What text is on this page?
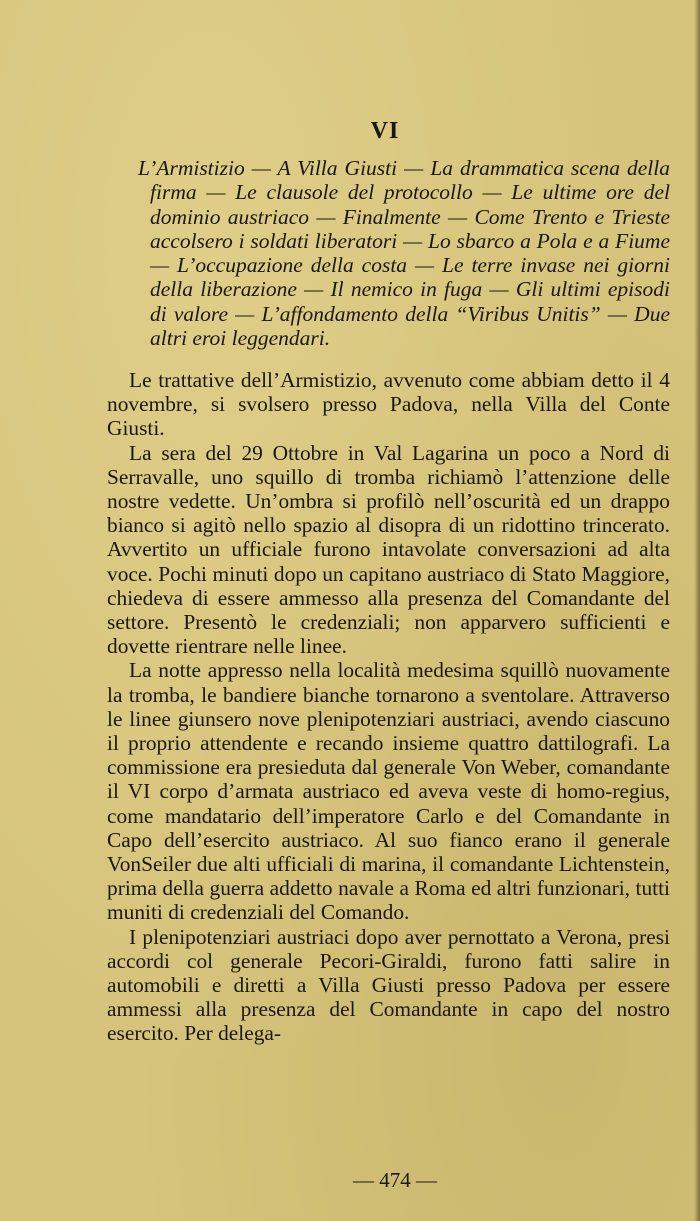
VI
L’Armistizio — A Villa Giusti — La drammatica scena della firma — Le clausole del protocollo — Le ultime ore del dominio austriaco — Finalmente — Come Trento e Trieste accolsero i soldati liberatori — Lo sbarco a Pola e a Fiume — L’occupazione della costa — Le terre invase nei giorni della liberazione — Il nemico in fuga — Gli ultimi episodi di valore — L’affondamento della “Viribus Unitis” — Due altri eroi leggendari.

Le trattative dell’Armistizio, avvenuto come abbiam detto il 4 novembre, si svolsero presso Padova, nella Villa del Conte Giusti.

La sera del 29 Ottobre in Val Lagarina un poco a Nord di Serravalle, uno squillo di tromba richiamò l’attenzione delle nostre vedette. Un’ombra si profilò nell’oscurità ed un drappo bianco si agitò nello spazio al disopra di un ridottino trincerato. Avvertito un ufficiale furono intavolate conversazioni ad alta voce. Pochi minuti dopo un capitano austriaco di Stato Maggiore, chiedeva di essere ammesso alla presenza del Comandante del settore. Presentò le credenziali; non apparvero sufficienti e dovette rientrare nelle linee.

La notte appresso nella località medesima squillò nuovamente la tromba, le bandiere bianche tornarono a sventolare. Attraverso le linee giunsero nove plenipotenziari austriaci, avendo ciascuno il proprio attendente e recando insieme quattro dattilografi. La commissione era presieduta dal generale Von Weber, comandante il VI corpo d’armata austriaco ed aveva veste di homo-regius, come mandatario dell’imperatore Carlo e del Comandante in Capo dell’esercito austriaco. Al suo fianco erano il generale VonSeiler due alti ufficiali di marina, il comandante Lichtenstein, prima della guerra addetto navale a Roma ed altri funzionari, tutti muniti di credenziali del Comando.

I plenipotenziari austriaci dopo aver pernottato a Verona, presi accordi col generale Pecori-Giraldi, furono fatti salire in automobili e diretti a Villa Giusti presso Padova per essere ammessi alla presenza del Comandante in capo del nostro esercito. Per delega-

— 474 —
